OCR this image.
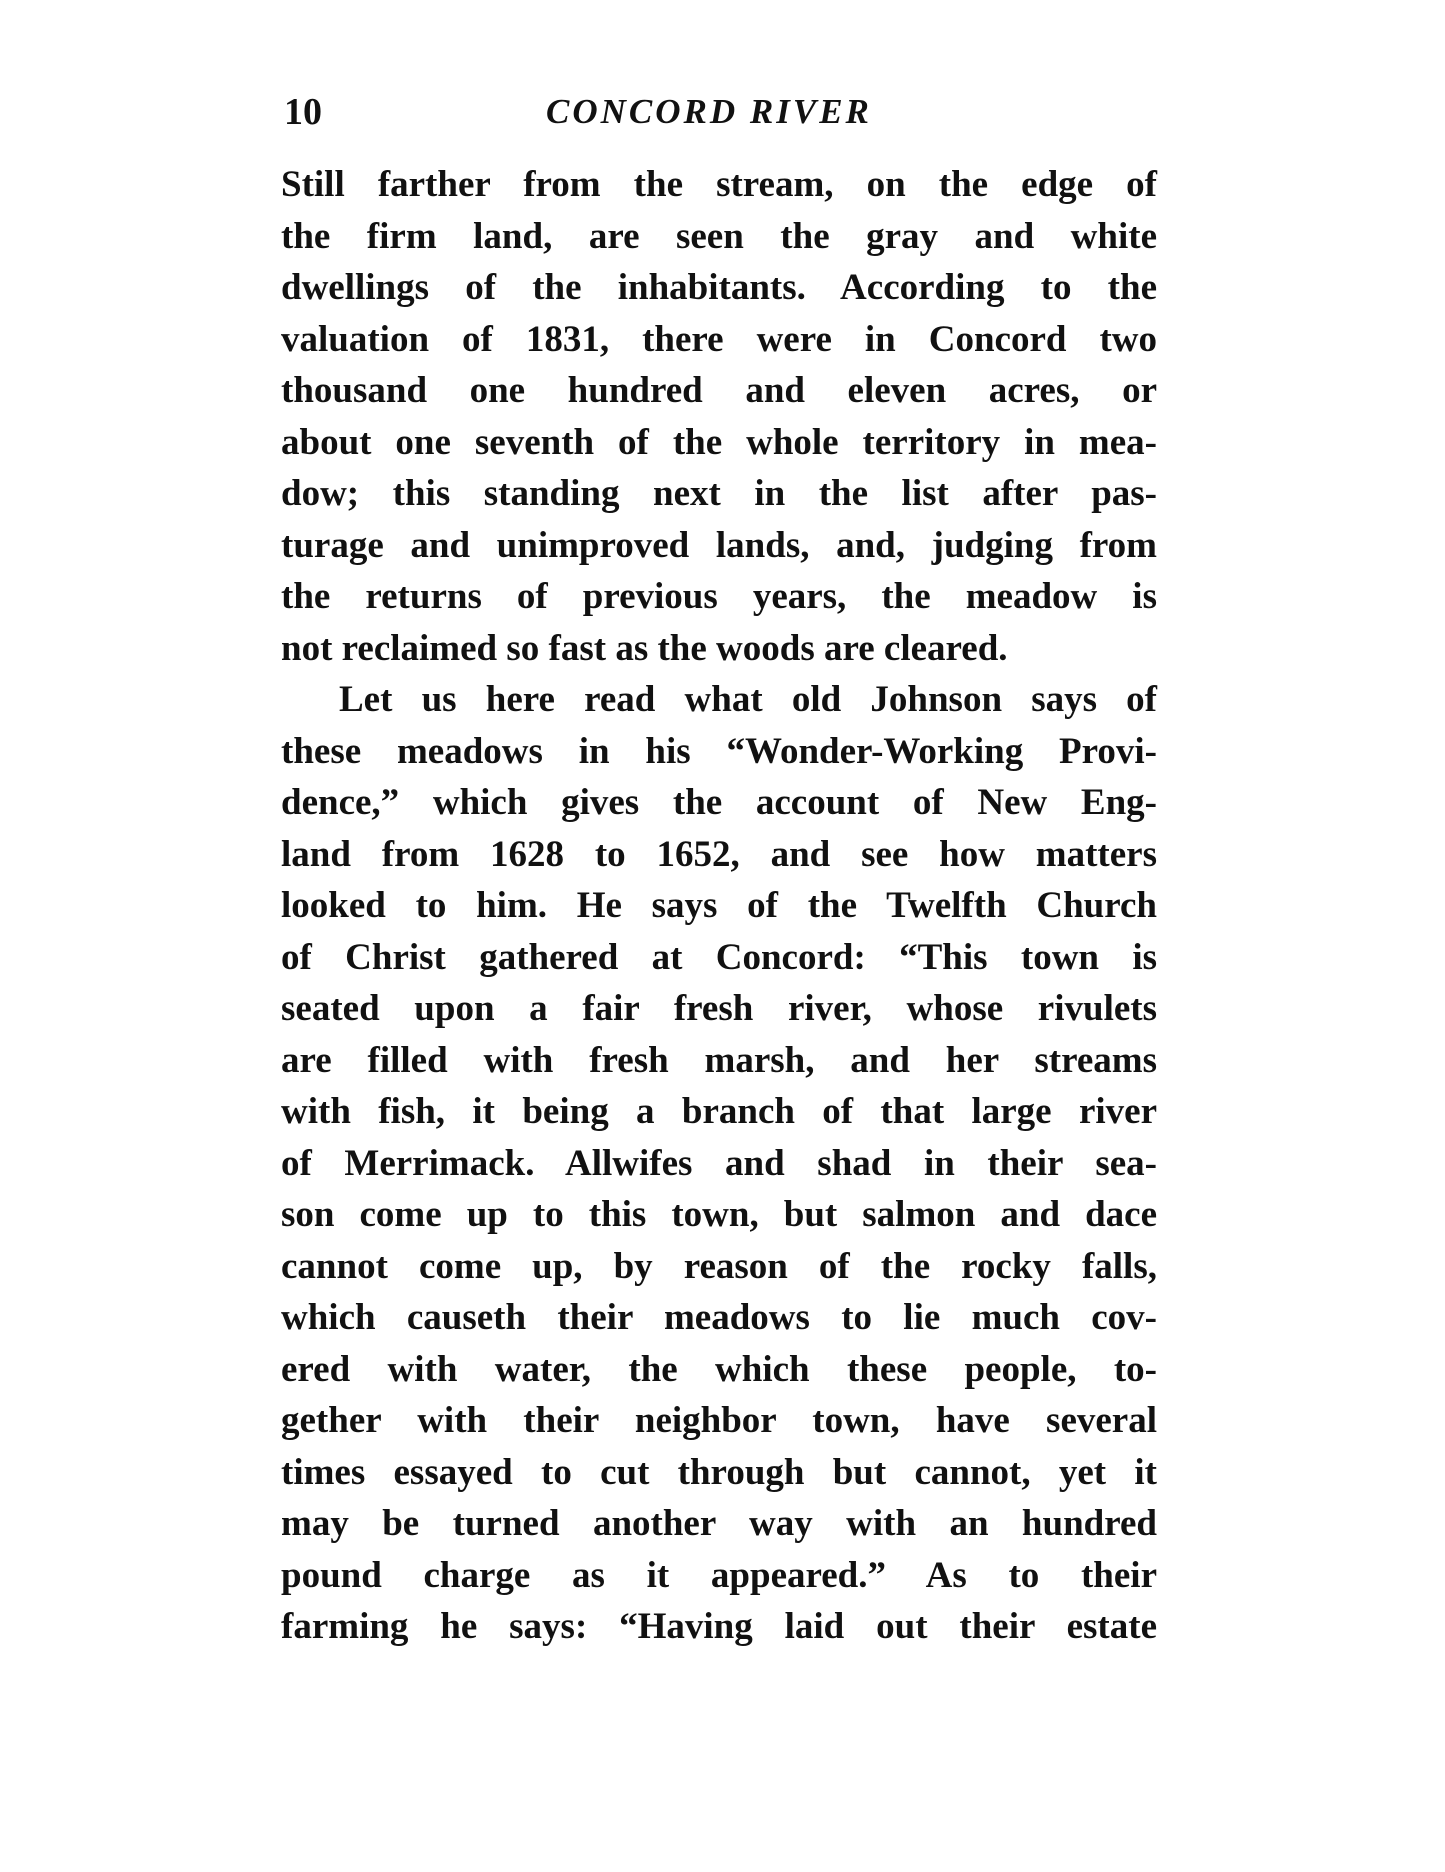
10	CONCORD RIVER
Still farther from the stream, on the edge of
the firm land, are seen the gray and white
dwellings of the inhabitants. According to the
valuation of 1831, there were in Concord two
thousand one hundred and eleven acres, or
about one seventh of the whole territory in mea-
dow; this standing next in the list after pas-
turage and unimproved lands, and, judging from
the returns of previous years, the meadow is
not reclaimed so fast as the woods are cleared.
Let us here read what old Johnson says of
these meadows in his “Wonder-Working Provi-
dence,” which gives the account of New Eng-
land from 1628 to 1652, and see how matters
looked to him. He says of the Twelfth Church
of Christ gathered at Concord: “This town is
seated upon a fair fresh river, whose rivulets
are filled with fresh marsh, and her streams
with fish, it being a branch of that large river
of Merrimack. Allwifes and shad in their sea-
son come up to this town, but salmon and dace
cannot come up, by reason of the rocky falls,
which causeth their meadows to lie much cov-
ered with water, the which these people, to-
gether with their neighbor town, have several
times essayed to cut through but cannot, yet it
may be turned another way with an hundred
pound charge as it appeared.” As to their
farming he says: “Having laid out their estate
